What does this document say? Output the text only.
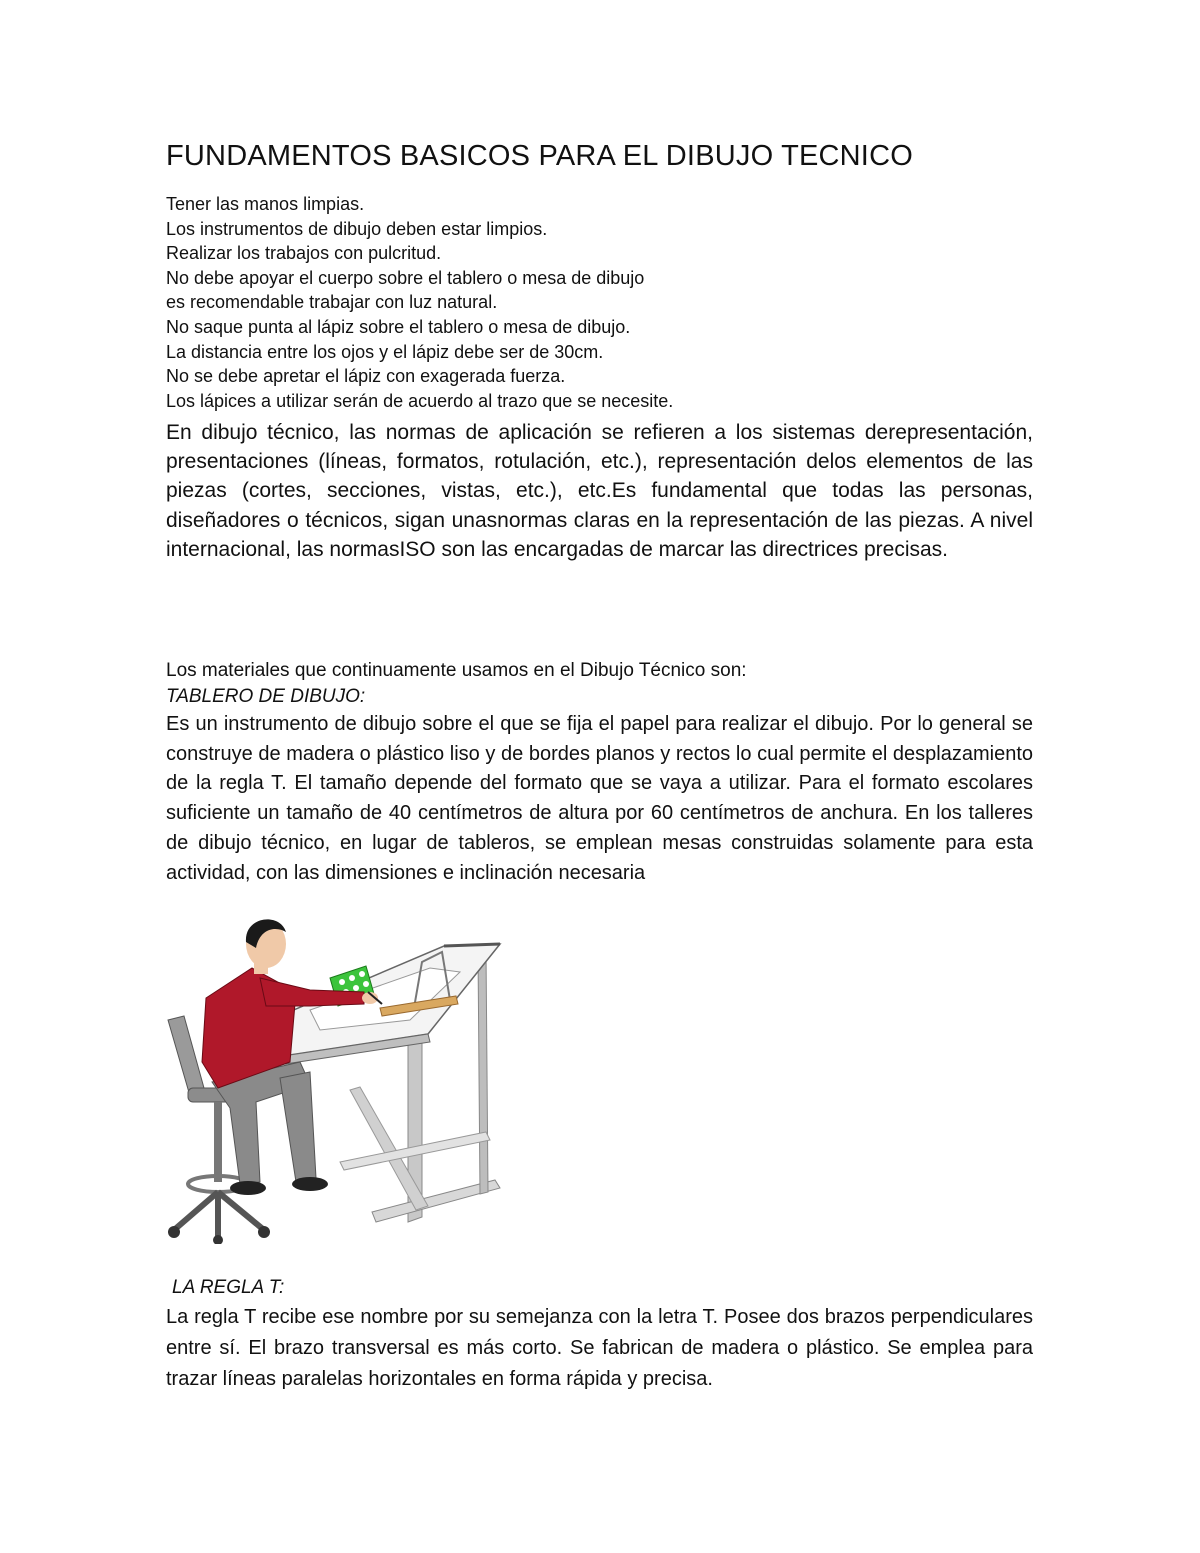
FUNDAMENTOS BASICOS PARA EL DIBUJO TECNICO
Tener las manos limpias.
Los instrumentos de dibujo deben estar limpios.
Realizar los trabajos con pulcritud.
No debe apoyar el cuerpo sobre el tablero o mesa de dibujo
es recomendable trabajar con luz natural.
No saque punta al lápiz sobre el tablero o mesa de dibujo.
La distancia entre los ojos y el lápiz debe ser de 30cm.
No se debe apretar el lápiz con exagerada fuerza.
Los lápices a utilizar serán de acuerdo al trazo que se necesite.

En dibujo técnico, las normas de aplicación se refieren a los sistemas derepresentación, presentaciones (líneas, formatos, rotulación, etc.), representación delos elementos de las piezas (cortes, secciones, vistas, etc.), etc.Es fundamental que todas las personas, diseñadores o técnicos, sigan unasnormas claras en la representación de las piezas. A nivel internacional, las normasISO son las encargadas de marcar las directrices precisas.

Los materiales que continuamente usamos en el Dibujo Técnico son:

TABLERO DE DIBUJO:

Es un instrumento de dibujo sobre el que se fija el papel para realizar el dibujo. Por lo general se construye de madera o plástico liso y de bordes planos y rectos lo cual permite el desplazamiento de la regla T. El tamaño depende del formato que se vaya a utilizar. Para el formato escolares suficiente un tamaño de 40 centímetros de altura por 60 centímetros de anchura. En los talleres de dibujo técnico, en lugar de tableros, se emplean mesas construidas solamente para esta actividad, con las dimensiones e inclinación necesaria

LA REGLA T:

La regla T recibe ese nombre por su semejanza con la letra T. Posee dos brazos perpendiculares entre sí. El brazo transversal es más corto. Se fabrican de madera o plástico. Se emplea para trazar líneas paralelas horizontales en forma rápida y precisa.
